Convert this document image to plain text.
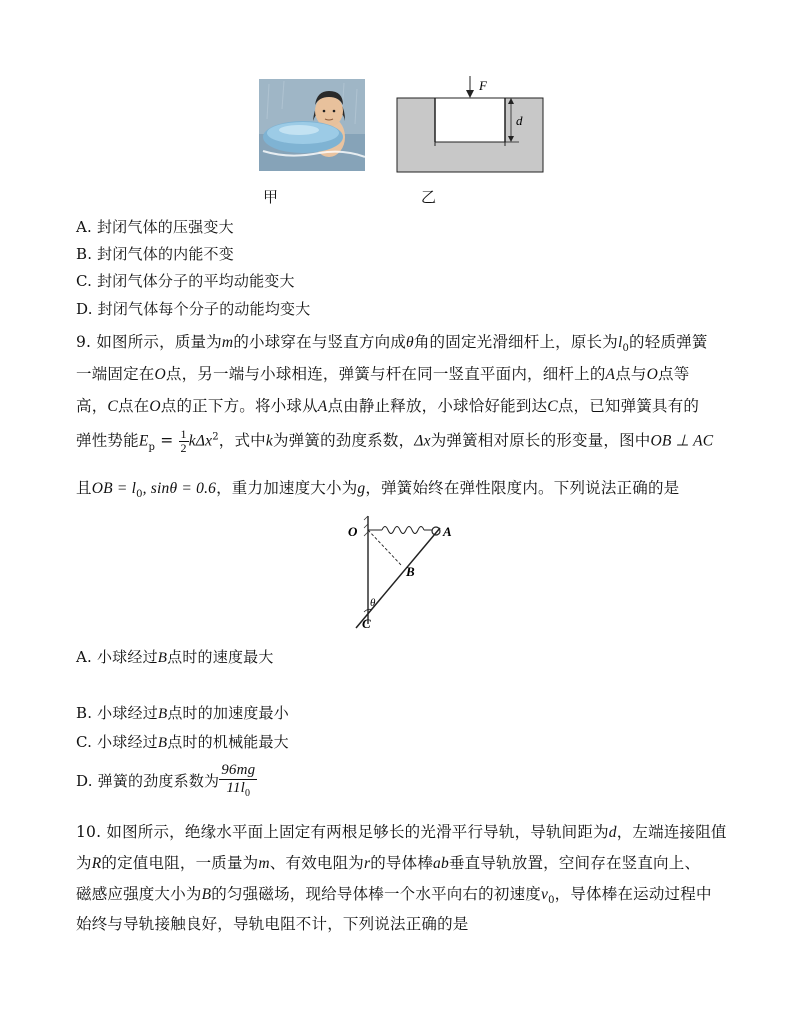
F
d
甲	乙
A. 封闭气体的压强变大
B. 封闭气体的内能不变
C. 封闭气体分子的平均动能变大
D. 封闭气体每个分子的动能均变大
9. 如图所示，质量为m的小球穿在与竖直方向成θ角的固定光滑细杆上，原长为$l_0$的轻质弹簧
一端固定在O点，另一端与小球相连，弹簧与杆在同一竖直平面内，细杆上的A点与O点等
高，C点在O点的正下方。将小球从A点由静止释放，小球恰好能到达C点，已知弹簧具有的
弹性势能$E_p = \frac{1}{2} k\Delta x^2$，式中k为弹簧的劲度系数，Δx为弹簧相对原长的形变量，图中OB ⊥ AC
且OB = $l_0$, sinθ = 0.6，重力加速度大小为g，弹簧始终在弹性限度内。下列说法正确的是
O	A
B
C
θ
A. 小球经过B点时的速度最大
B. 小球经过B点时的加速度最小
C. 小球经过B点时的机械能最大
D. 弹簧的劲度系数为 $\frac{96mg}{11l_0}$
10. 如图所示，绝缘水平面上固定有两根足够长的光滑平行导轨，导轨间距为d，左端连接阻值
为R的定值电阻，一质量为m、有效电阻为r的导体棒ab垂直导轨放置，空间存在竖直向上、
磁感应强度大小为B的匀强磁场，现给导体棒一个水平向右的初速度$v_0$，导体棒在运动过程中
始终与导轨接触良好，导轨电阻不计，下列说法正确的是
